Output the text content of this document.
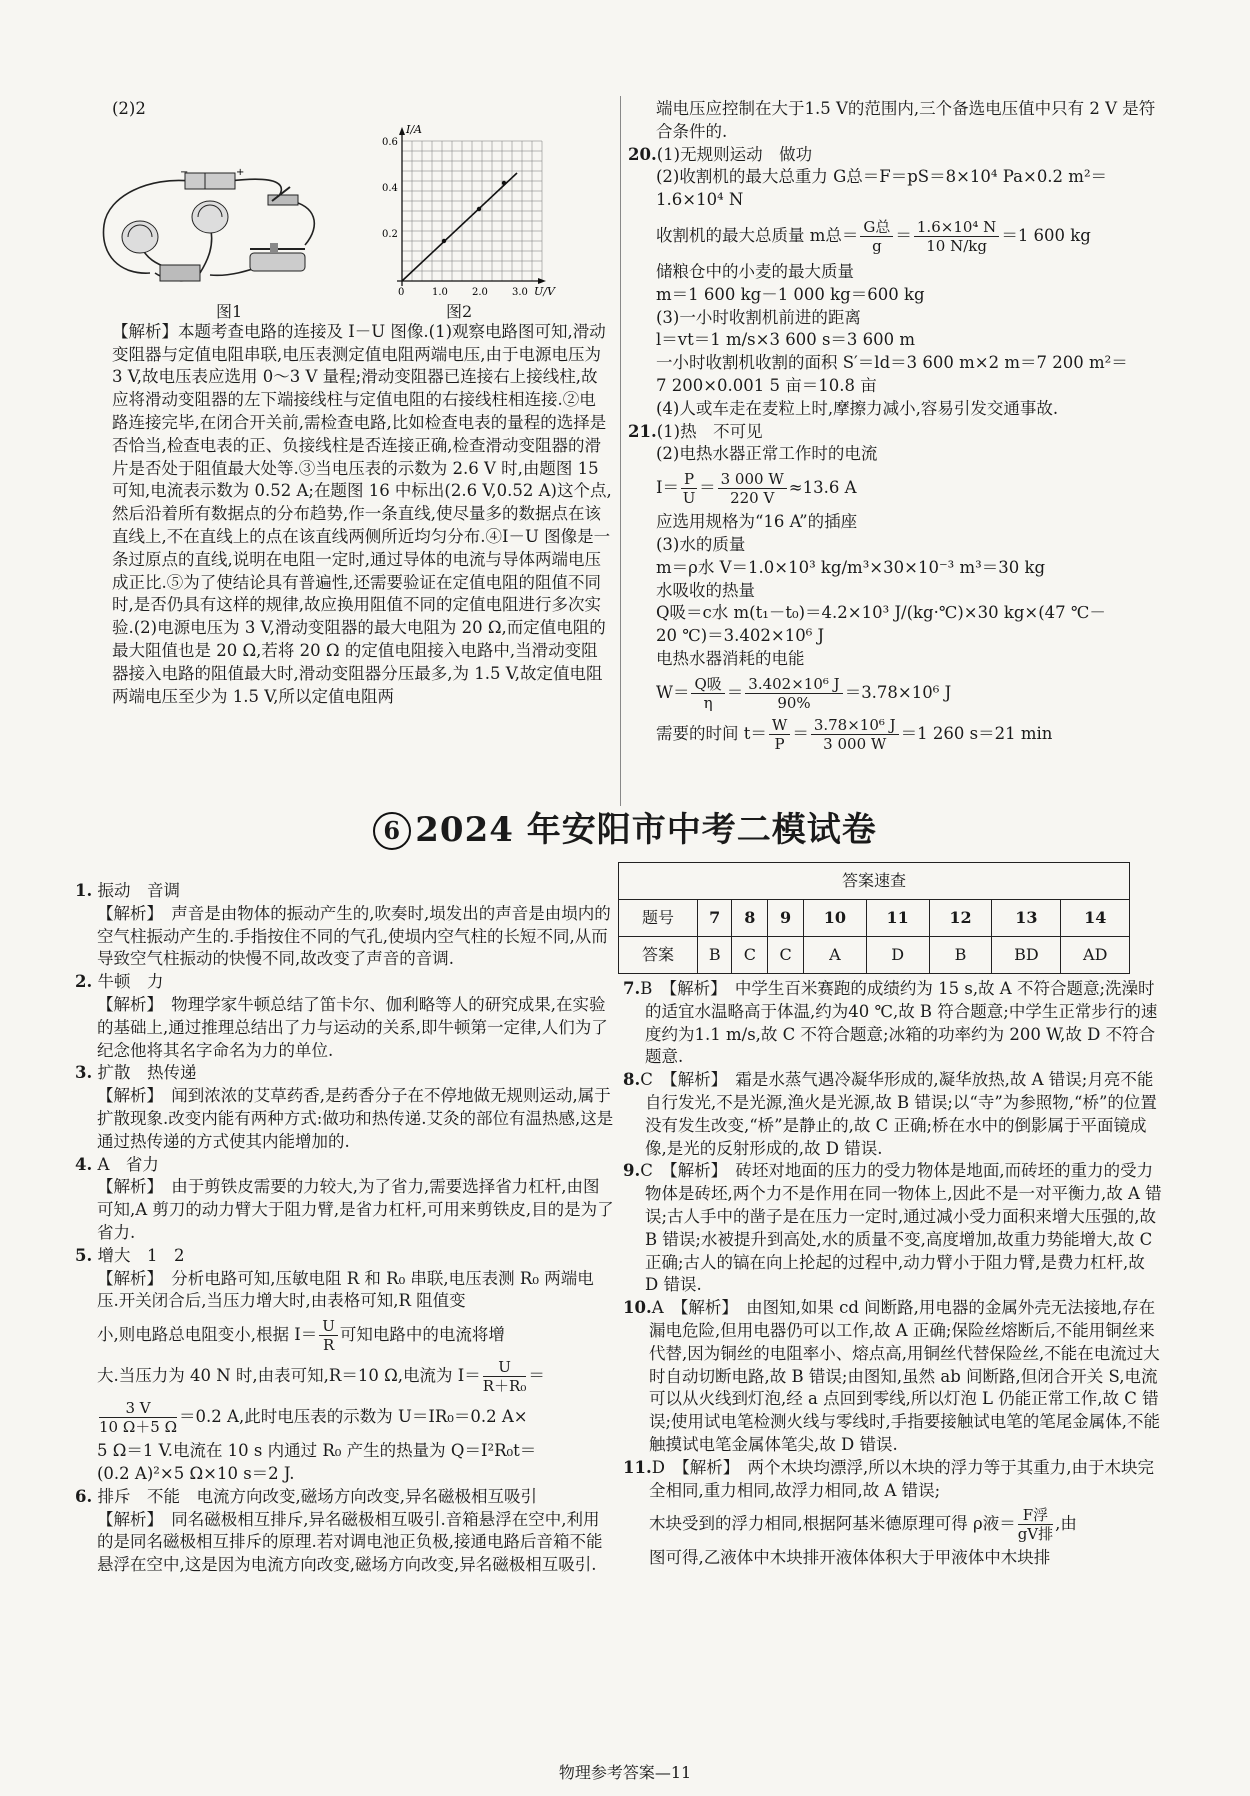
(2)2

−	+
图1
I/A
U/V
0.6
0.4
0.2
0	1.0 2.0 3.0
图2

【解析】本题考查电路的连接及 I－U 图像.(1)观察电路图可知,滑动变阻器与定值电阻串联,电压表测定值电阻两端电压,由于电源电压为 3 V,故电压表应选用 0～3 V 量程;滑动变阻器已连接右上接线柱,故应将滑动变阻器的左下端接线柱与定值电阻的右接线柱相连接.②电路连接完毕,在闭合开关前,需检查电路,比如检查电表的量程的选择是否恰当,检查电表的正、负接线柱是否连接正确,检查滑动变阻器的滑片是否处于阻值最大处等.③当电压表的示数为 2.6 V 时,由题图 15 可知,电流表示数为 0.52 A;在题图 16 中标出(2.6 V,0.52 A)这个点,然后沿着所有数据点的分布趋势,作一条直线,使尽量多的数据点在该直线上,不在直线上的点在该直线两侧所近均匀分布.④I－U 图像是一条过原点的直线,说明在电阻一定时,通过导体的电流与导体两端电压成正比.⑤为了使结论具有普遍性,还需要验证在定值电阻的阻值不同时,是否仍具有这样的规律,故应换用阻值不同的定值电阻进行多次实验.(2)电源电压为 3 V,滑动变阻器的最大电阻为 20 Ω,而定值电阻的最大阻值也是 20 Ω,若将 20 Ω 的定值电阻接入电路中,当滑动变阻器接入电路的阻值最大时,滑动变阻器分压最多,为 1.5 V,故定值电阻两端电压至少为 1.5 V,所以定值电阻两

端电压应控制在大于1.5 V的范围内,三个备选电压值中只有 2 V 是符合条件的.

20.(1)无规则运动　做功

(2)收割机的最大总重力 G总＝F＝pS＝8×10⁴ Pa×0.2 m²＝

1.6×10⁴ N

收割机的最大总质量 m总＝ $\frac{\text{G总}}{g} = \frac{\text{1.6×10⁴ N}}{10 N/kg} =1$ 600 kg

储粮仓中的小麦的最大质量

m＝1 600 kg－1 000 kg＝600 kg

(3)一小时收割机前进的距离

l＝vt＝1 m/s×3 600 s＝3 600 m

一小时收割机收割的面积 S′＝ld＝3 600 m×2 m＝7 200 m²＝

7 200×0.001 5 亩＝10.8 亩

(4)人或车走在麦粒上时,摩擦力减小,容易引发交通事故.

21.(1)热　不可见

(2)电热水器正常工作时的电流

$I= \frac{P}{U} = \frac{3 000 W}{220 V} \approx 13.6$ A

应选用规格为“16 A”的插座

(3)水的质量

m＝ρ水 V＝1.0×10³ kg/m³×30×10⁻³ m³＝30 kg

水吸收的热量

Q吸＝c水 m(t₁－t₀)＝4.2×10³ J/(kg·℃)×30 kg×(47 ℃－

20 ℃)＝3.402×10⁶ J

电热水器消耗的电能

$W= \frac{\text{Q吸}}{\eta} = \frac{\text{3.402×10⁶ J}}{90\%} =3.78\times 10^6$ J

需要的时间 $t= \frac{W}{P} = \frac{\text{3.78×10⁶ J}}{3 000 W} =1$ 260 s＝21 min

6 2024 年安阳市中考二模试卷
答案速查								
题号	7	8	9	10	11	12	13	14
答案	B	C	C	A	D	B	BD	AD

1. 振动　音调

【解析】　声音是由物体的振动产生的,吹奏时,埙发出的声音是由埙内的空气柱振动产生的.手指按住不同的气孔,使埙内空气柱的长短不同,从而导致空气柱振动的快慢不同,故改变了声音的音调.

2. 牛顿　力

【解析】　物理学家牛顿总结了笛卡尔、伽利略等人的研究成果,在实验的基础上,通过推理总结出了力与运动的关系,即牛顿第一定律,人们为了纪念他将其名字命名为力的单位.

3. 扩散　热传递

【解析】　闻到浓浓的艾草药香,是药香分子在不停地做无规则运动,属于扩散现象.改变内能有两种方式:做功和热传递.艾灸的部位有温热感,这是通过热传递的方式使其内能增加的.

4. A　省力

【解析】　由于剪铁皮需要的力较大,为了省力,需要选择省力杠杆,由图可知,A 剪刀的动力臂大于阻力臂,是省力杠杆,可用来剪铁皮,目的是为了省力.

5. 增大　1　2

【解析】　分析电路可知,压敏电阻 R 和 R₀ 串联,电压表测 R₀ 两端电压.开关闭合后,当压力增大时,由表格可知,R 阻值变

小,则电路总电阻变小,根据 $I= \frac{U}{R}$ 可知电路中的电流将增

大.当压力为 40 N 时,由表可知,R＝10 Ω,电流为 $I= \frac{U}{\text{R＋R₀}}$ ＝

$\frac{3 V}{10 \Omega+5 \Omega} =0.2$ A,此时电压表的示数为 U＝IR₀＝0.2 A×

5 Ω＝1 V.电流在 10 s 内通过 R₀ 产生的热量为 Q＝I²R₀t＝

(0.2 A)²×5 Ω×10 s＝2 J.

6. 排斥　不能　电流方向改变,磁场方向改变,异名磁极相互吸引

【解析】　同名磁极相互排斥,异名磁极相互吸引.音箱悬浮在空中,利用的是同名磁极相互排斥的原理.若对调电池正负极,接通电路后音箱不能悬浮在空中,这是因为电流方向改变,磁场方向改变,异名磁极相互吸引.

7.B　【解析】　中学生百米赛跑的成绩约为 15 s,故 A 不符合题意;洗澡时的适宜水温略高于体温,约为40 ℃,故 B 符合题意;中学生正常步行的速度约为1.1 m/s,故 C 不符合题意;冰箱的功率约为 200 W,故 D 不符合题意.

8.C　【解析】　霜是水蒸气遇冷凝华形成的,凝华放热,故 A 错误;月亮不能自行发光,不是光源,渔火是光源,故 B 错误;以“寺”为参照物,“桥”的位置没有发生改变,“桥”是静止的,故 C 正确;桥在水中的倒影属于平面镜成像,是光的反射形成的,故 D 错误.

9.C　【解析】　砖坯对地面的压力的受力物体是地面,而砖坯的重力的受力物体是砖坯,两个力不是作用在同一物体上,因此不是一对平衡力,故 A 错误;古人手中的凿子是在压力一定时,通过减小受力面积来增大压强的,故 B 错误;水被提升到高处,水的质量不变,高度增加,故重力势能增大,故 C 正确;古人的镐在向上抡起的过程中,动力臂小于阻力臂,是费力杠杆,故 D 错误.

10.A　【解析】　由图知,如果 cd 间断路,用电器的金属外壳无法接地,存在漏电危险,但用电器仍可以工作,故 A 正确;保险丝熔断后,不能用铜丝来代替,因为铜丝的电阻率小、熔点高,用铜丝代替保险丝,不能在电流过大时自动切断电路,故 B 错误;由图知,虽然 ab 间断路,但闭合开关 S,电流可以从火线到灯泡,经 a 点回到零线,所以灯泡 L 仍能正常工作,故 C 错误;使用试电笔检测火线与零线时,手指要接触试电笔的笔尾金属体,不能触摸试电笔金属体笔尖,故 D 错误.

11.D　【解析】　两个木块均漂浮,所以木块的浮力等于其重力,由于木块完全相同,重力相同,故浮力相同,故 A 错误;

木块受到的浮力相同,根据阿基米德原理可得 ρ液＝ $\frac{\text{F浮}}{\text{gV排}}$ ,由

图可得,乙液体中木块排开液体体积大于甲液体中木块排

物理参考答案—11
